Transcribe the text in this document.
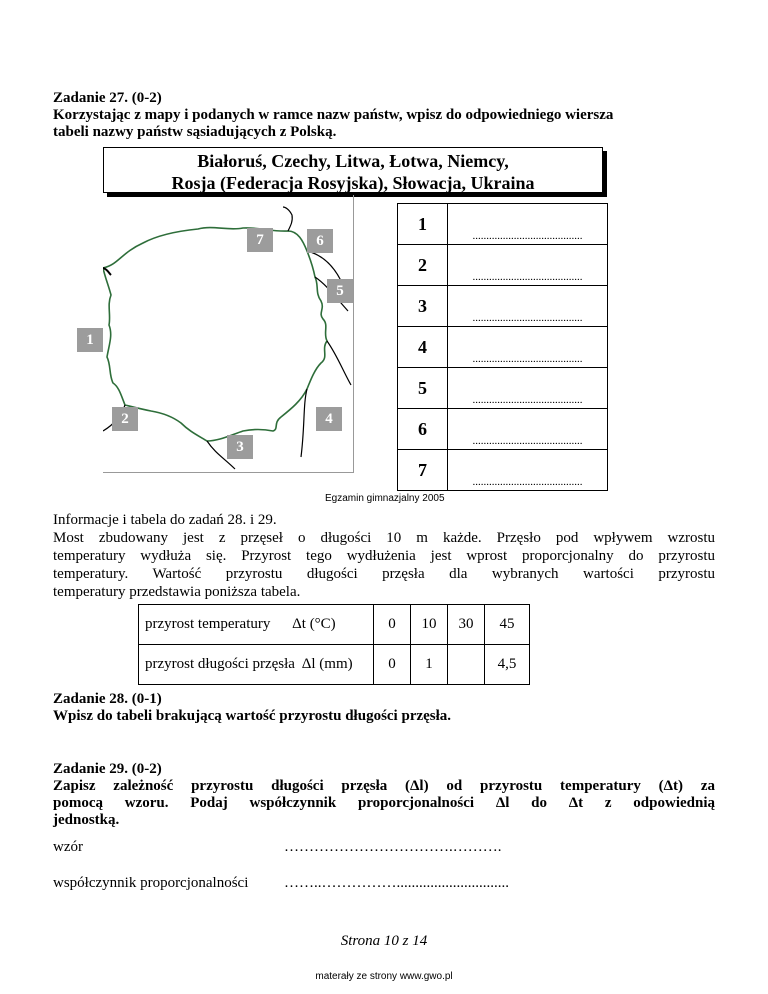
Zadanie 27. (0-2)
Korzystając z mapy i podanych w ramce nazw państw, wpisz do odpowiedniego wiersza
tabeli nazwy państw sąsiadujących z Polską.
Białoruś, Czechy, Litwa, Łotwa, Niemcy,
Rosja (Federacja Rosyjska), Słowacja, Ukraina
7	6
5
1
2	4
3
1	........................................
2	........................................
3	........................................
4	........................................
5	........................................
6	........................................
7	........................................
Egzamin gimnazjalny 2005
Informacje i tabela do zadań 28. i 29.
Most zbudowany jest z przęseł o długości 10 m każde. Przęsło pod wpływem wzrostu
temperatury wydłuża się. Przyrost tego wydłużenia jest wprost proporcjonalny do przyrostu
temperatury. Wartość przyrostu długości przęsła dla wybranych wartości przyrostu
temperatury przedstawia poniższa tabela.
przyrost temperatury Δt (°C)	0	10	30	45
przyrost długości przęsła Δl (mm)	0	1		4,5
Zadanie 28. (0-1)
Wpisz do tabeli brakującą wartość przyrostu długości przęsła.
Zadanie 29. (0-2)
Zapisz zależność przyrostu długości przęsła (Δl) od przyrostu temperatury (Δt) za
pomocą wzoru. Podaj współczynnik proporcjonalności Δl do Δt z odpowiednią
jednostką.
wzór	…………………………….……….
współczynnik proporcjonalności ……..……………..............................
Strona 10 z 14
materały ze strony www.gwo.pl
